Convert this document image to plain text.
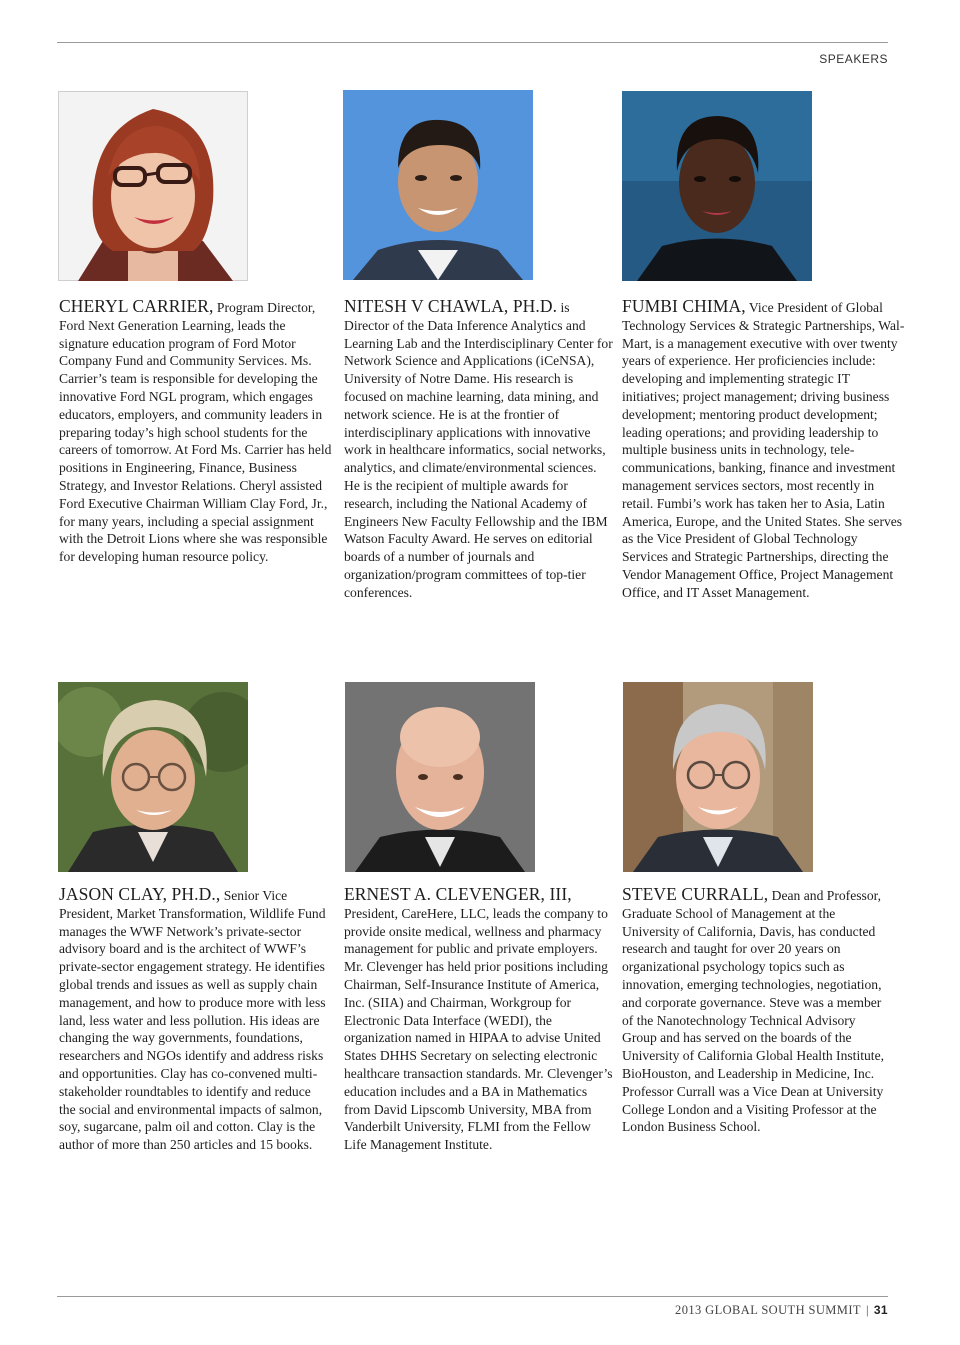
SPEAKERS
CHERYL CARRIER, Program Director, Ford Next Generation Learning, leads the signature education program of Ford Motor Company Fund and Community Services. Ms. Carrier’s team is responsible for developing the innovative Ford NGL program, which engages educators, employers, and community leaders in preparing today’s high school students for the careers of tomorrow. At Ford Ms. Carrier has held positions in Engineering, Finance, Business Strategy, and Investor Relations. Cheryl assisted Ford Executive Chairman William Clay Ford, Jr., for many years, including a special assignment with the Detroit Lions where she was responsible for developing human resource policy.
NITESH V CHAWLA, PH.D. is Director of the Data Inference Analytics and Learning Lab and the Interdisciplinary Center for Network Science and Applications (iCeNSA), University of Notre Dame. His research is focused on machine learning, data mining, and network science. He is at the frontier of interdisciplinary applications with innovative work in healthcare informatics, social networks, analytics, and climate/environmental sciences. He is the recipient of multiple awards for research, including the National Academy of Engineers New Faculty Fellowship and the IBM Watson Faculty Award. He serves on editorial boards of a number of journals and organization/program committees of top-tier conferences.
FUMBI CHIMA, Vice President of Global Technology Services & Strategic Partnerships, Wal-Mart, is a management executive with over twenty years of experience. Her proficiencies include: developing and implementing strategic IT initiatives; project management; driving business development; mentoring product development; leading operations; and providing leadership to multiple business units in technology, tele-communications, banking, finance and investment management services sectors, most recently in retail. Fumbi’s work has taken her to Asia, Latin America, Europe, and the United States. She serves as the Vice President of Global Technology Services and Strategic Partnerships, directing the Vendor Management Office, Project Management Office, and IT Asset Management.
JASON CLAY, PH.D., Senior Vice President, Market Transformation, Wildlife Fund manages the WWF Network’s private-sector advisory board and is the architect of WWF’s private-sector engagement strategy. He identifies global trends and issues as well as supply chain management, and how to produce more with less land, less water and less pollution. His ideas are changing the way governments, foundations, researchers and NGOs identify and address risks and opportunities. Clay has co-convened multi-stakeholder roundtables to identify and reduce the social and environmental impacts of salmon, soy, sugarcane, palm oil and cotton. Clay is the author of more than 250 articles and 15 books.
ERNEST A. CLEVENGER, III, President, CareHere, LLC, leads the company to provide onsite medical, wellness and pharmacy management for public and private employers. Mr. Clevenger has held prior positions including Chairman, Self-Insurance Institute of America, Inc. (SIIA) and Chairman, Workgroup for Electronic Data Interface (WEDI), the organization named in HIPAA to advise United States DHHS Secretary on selecting electronic healthcare transaction standards. Mr. Clevenger’s education includes and a BA in Mathematics from David Lipscomb University, MBA from Vanderbilt University, FLMI from the Fellow Life Management Institute.
STEVE CURRALL, Dean and Professor, Graduate School of Management at the University of California, Davis, has conducted research and taught for over 20 years on organizational psychology topics such as innovation, emerging technologies, negotiation, and corporate governance. Steve was a member of the Nanotechnology Technical Advisory Group and has served on the boards of the University of California Global Health Institute, BioHouston, and Leadership in Medicine, Inc. Professor Currall was a Vice Dean at University College London and a Visiting Professor at the London Business School.
2013 GLOBAL SOUTH SUMMIT | 31
